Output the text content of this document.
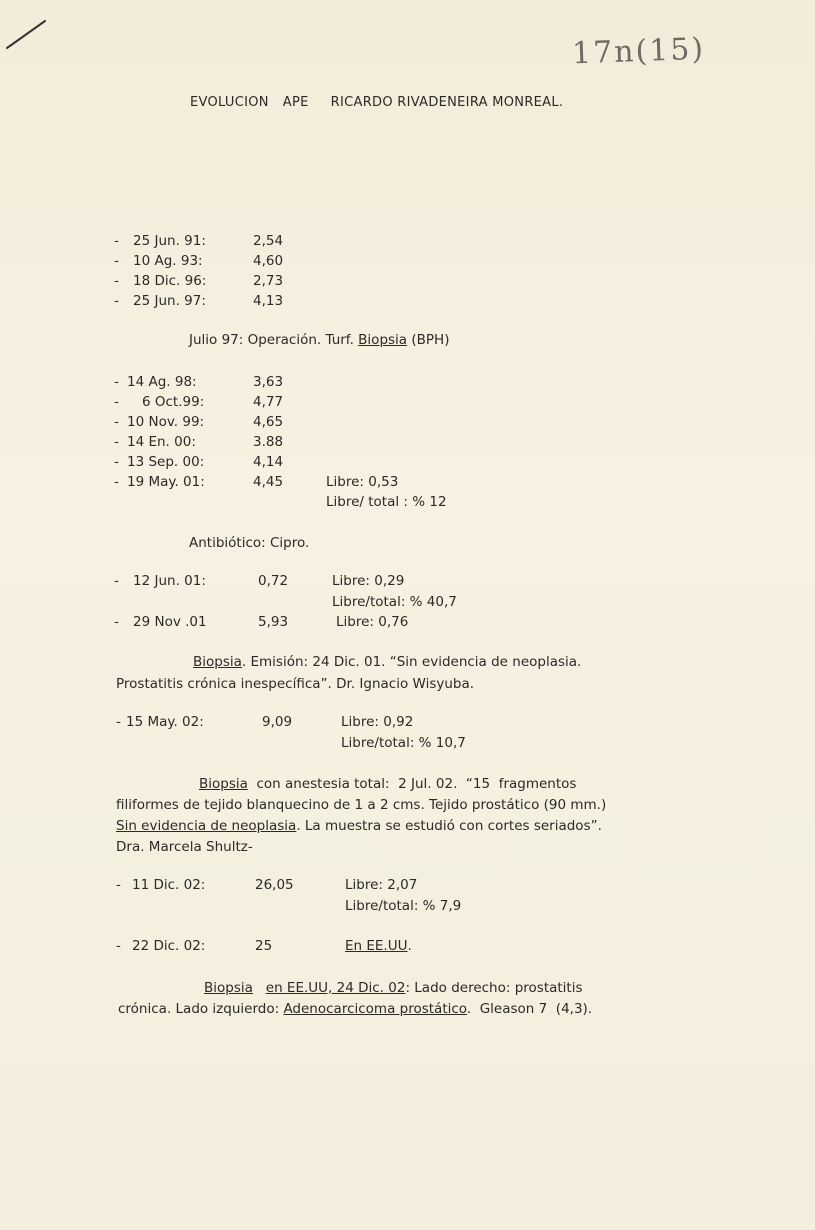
17n(15)
EVOLUCION APE RICARDO RIVADENEIRA MONREAL.
- 25 Jun. 91:	2,54
- 10 Ag. 93:	4,60
- 18 Dic. 96:	2,73
- 25 Jun. 97:	4,13
Julio 97: Operación. Turf. Biopsia (BPH)
- 14 Ag. 98:	3,63
- 6 Oct.99:	4,77
- 10 Nov. 99:	4,65
- 14 En. 00:	3.88
- 13 Sep. 00:	4,14
- 19 May. 01:	4,45	Libre: 0,53
Libre/ total : % 12
Antibiótico: Cipro.
- 12 Jun. 01:	0,72	Libre: 0,29
Libre/total: % 40,7
- 29 Nov .01	5,93	Libre: 0,76
Biopsia. Emisión: 24 Dic. 01. “Sin evidencia de neoplasia.
Prostatitis crónica inespecífica”. Dr. Ignacio Wisyuba.
- 15 May. 02:	9,09	Libre: 0,92
Libre/total: % 10,7
Biopsia  con anestesia total:  2 Jul. 02.  “15  fragmentos
filiformes de tejido blanquecino de 1 a 2 cms. Tejido prostático (90 mm.)
Sin evidencia de neoplasia. La muestra se estudió con cortes seriados”.
Dra. Marcela Shultz-
- 11 Dic. 02:	26,05	Libre: 2,07
Libre/total: % 7,9
- 22 Dic. 02:	25	En EE.UU.
Biopsia en EE.UU, 24 Dic. 02: Lado derecho: prostatitis
crónica. Lado izquierdo: Adenocarcicoma prostático.  Gleason 7  (4,3).
